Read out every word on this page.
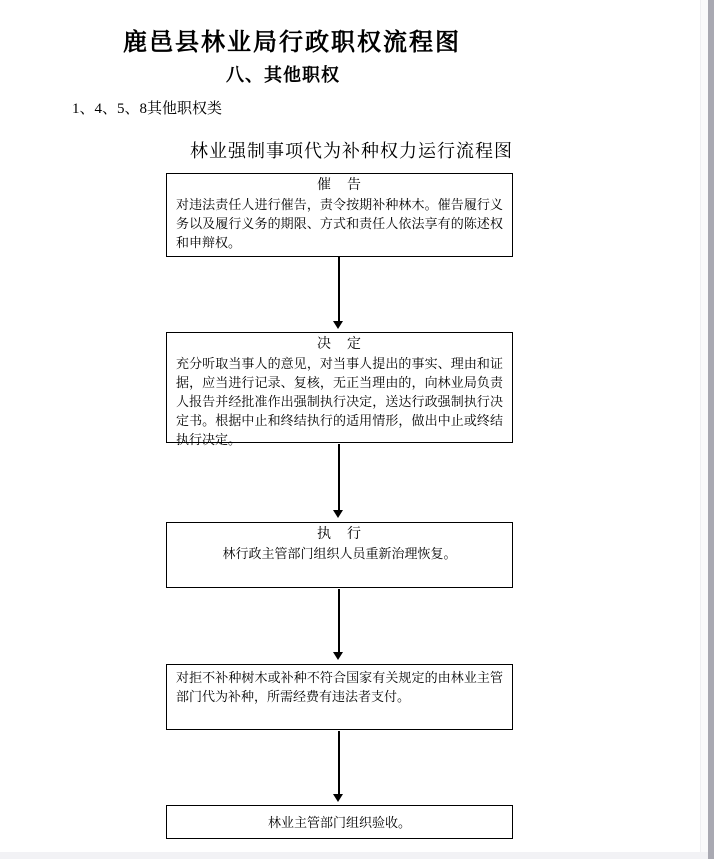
鹿邑县林业局行政职权流程图
八、其他职权
1、4、5、8其他职权类
林业强制事项代为补种权力运行流程图
催　告
对违法责任人进行催告，责令按期补种林木。催告履行义务以及履行义务的期限、方式和责任人依法享有的陈述权和申辩权。
决　定
充分听取当事人的意见，对当事人提出的事实、理由和证据，应当进行记录、复核，无正当理由的，向林业局负责人报告并经批准作出强制执行决定，送达行政强制执行决定书。根据中止和终结执行的适用情形，做出中止或终结执行决定。
执　行
林行政主管部门组织人员重新治理恢复。
对拒不补种树木或补种不符合国家有关规定的由林业主管部门代为补种，所需经费有违法者支付。
林业主管部门组织验收。
